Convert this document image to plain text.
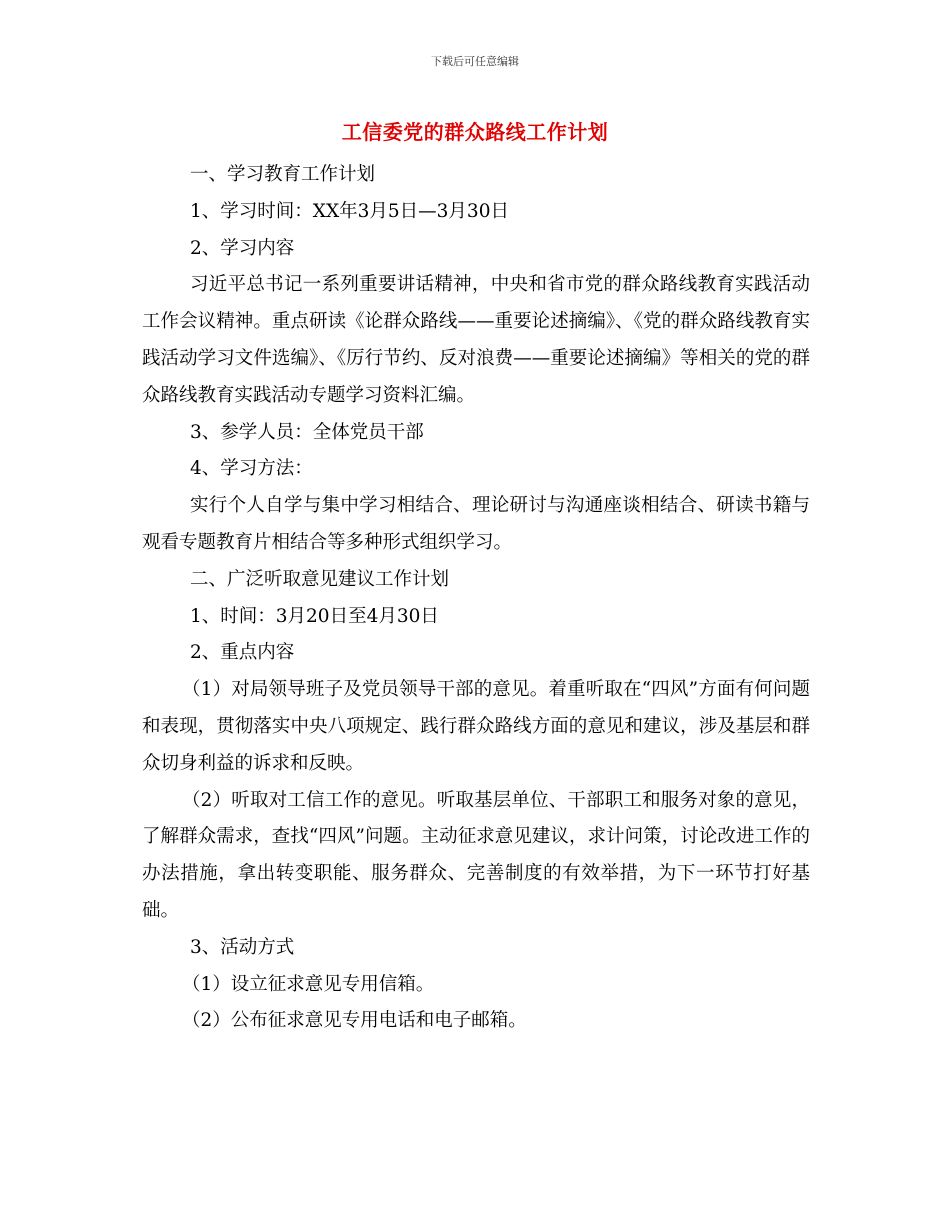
下载后可任意编辑
工信委党的群众路线工作计划

一、学习教育工作计划

1、学习时间：XX年3月5日—3月30日

2、学习内容

习近平总书记一系列重要讲话精神，中央和省市党的群众路线教育实践活动工作会议精神。重点研读《论群众路线——重要论述摘编》、《党的群众路线教育实践活动学习文件选编》、《厉行节约、反对浪费——重要论述摘编》等相关的党的群众路线教育实践活动专题学习资料汇编。

3、参学人员：全体党员干部

4、学习方法：

实行个人自学与集中学习相结合、理论研讨与沟通座谈相结合、研读书籍与观看专题教育片相结合等多种形式组织学习。

二、广泛听取意见建议工作计划

1、时间：3月20日至4月30日

2、重点内容

（1）对局领导班子及党员领导干部的意见。着重听取在“四风”方面有何问题和表现，贯彻落实中央八项规定、践行群众路线方面的意见和建议，涉及基层和群众切身利益的诉求和反映。

（2）听取对工信工作的意见。听取基层单位、干部职工和服务对象的意见，了解群众需求，查找“四风”问题。主动征求意见建议，求计问策，讨论改进工作的办法措施，拿出转变职能、服务群众、完善制度的有效举措，为下一环节打好基础。

3、活动方式

（1）设立征求意见专用信箱。

（2）公布征求意见专用电话和电子邮箱。
